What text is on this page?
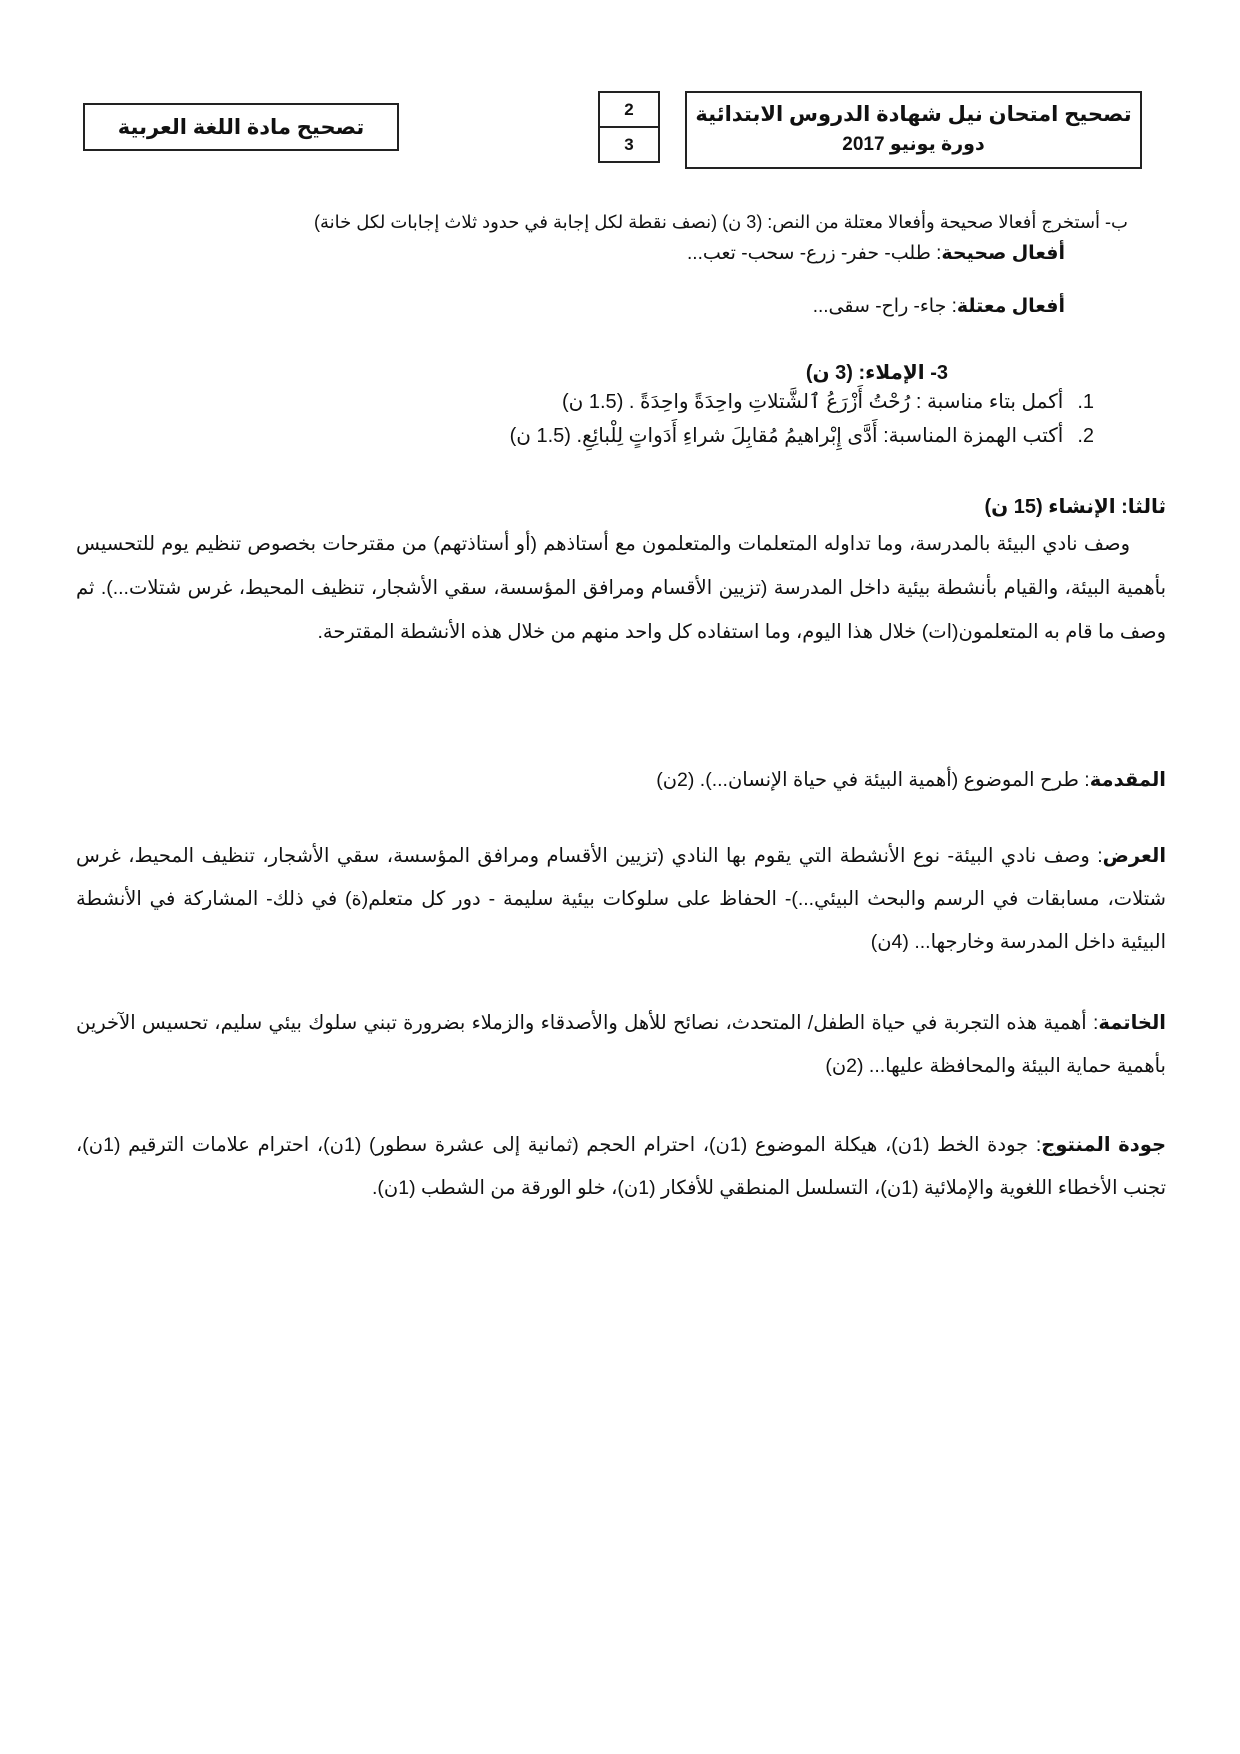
تصحيح مادة اللغة العربية
2
3
تصحيح امتحان نيل شهادة الدروس الابتدائية
دورة يونيو 2017
ب- أستخرج أفعالا صحيحة وأفعالا معتلة من النص: (3 ن) (نصف نقطة لكل إجابة في حدود ثلاث إجابات لكل خانة)
أفعال صحيحة: طلب- حفر- زرع- سحب- تعب...
أفعال معتلة: جاء- راح- سقى...
3- الإملاء: (3 ن)
1.أكمل بتاء مناسبة : رُحْتُ أَزْرَعُ ٱلشَّتلاتِ واحِدَةً واحِدَةً . (1.5 ن)
2.أكتب الهمزة المناسبة: أَدَّى إِبْراهيمُ مُقابِلَ شراءِ أَدَواتٍ لِلْبائِعِ. (1.5 ن)
ثالثا: الإنشاء (15 ن)
وصف نادي البيئة بالمدرسة، وما تداوله المتعلمات والمتعلمون مع أستاذهم (أو أستاذتهم) من مقترحات بخصوص تنظيم يوم للتحسيس بأهمية البيئة، والقيام بأنشطة بيئية داخل المدرسة (تزيين الأقسام ومرافق المؤسسة، سقي الأشجار، تنظيف المحيط، غرس شتلات...). ثم وصف ما قام به المتعلمون(ات) خلال هذا اليوم، وما استفاده كل واحد منهم من خلال هذه الأنشطة المقترحة.
المقدمة: طرح الموضوع (أهمية البيئة في حياة الإنسان...). (2ن)
العرض: وصف نادي البيئة- نوع الأنشطة التي يقوم بها النادي (تزيين الأقسام ومرافق المؤسسة، سقي الأشجار، تنظيف المحيط، غرس شتلات، مسابقات في الرسم والبحث البيئي...)- الحفاظ على سلوكات بيئية سليمة - دور كل متعلم(ة) في ذلك- المشاركة في الأنشطة البيئية داخل المدرسة وخارجها... (4ن)
الخاتمة: أهمية هذه التجربة في حياة الطفل/ المتحدث، نصائح للأهل والأصدقاء والزملاء بضرورة تبني سلوك بيئي سليم، تحسيس الآخرين بأهمية حماية البيئة والمحافظة عليها... (2ن)
جودة المنتوج: جودة الخط (1ن)، هيكلة الموضوع (1ن)، احترام الحجم (ثمانية إلى عشرة سطور) (1ن)، احترام علامات الترقيم (1ن)، تجنب الأخطاء اللغوية والإملائية (1ن)، التسلسل المنطقي للأفكار (1ن)، خلو الورقة من الشطب (1ن).
